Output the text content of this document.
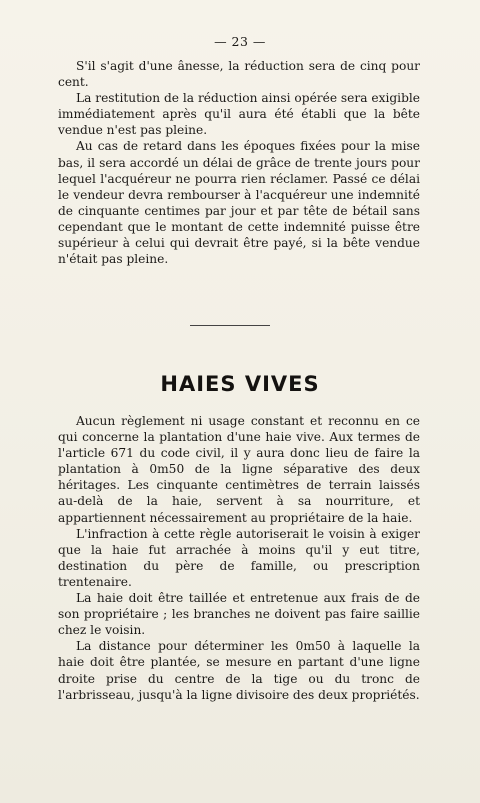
— 23 —

S'il s'agit d'une ânesse, la réduction sera de cinq pour cent.

La restitution de la réduction ainsi opérée sera exigible immédiatement après qu'il aura été établi que la bête vendue n'est pas pleine.

Au cas de retard dans les époques fixées pour la mise bas, il sera accordé un délai de grâce de trente jours pour lequel l'acquéreur ne pourra rien réclamer. Passé ce délai le vendeur devra rembourser à l'acquéreur une indemnité de cinquante centimes par jour et par tête de bétail sans cependant que le montant de cette indemnité puisse être supérieur à celui qui devrait être payé, si la bête vendue n'était pas pleine.

HAIES VIVES

Aucun règlement ni usage constant et reconnu en ce qui concerne la plantation d'une haie vive. Aux termes de l'article 671 du code civil, il y aura donc lieu de faire la plantation à 0m50 de la ligne séparative des deux héritages. Les cinquante centimètres de terrain laissés au-delà de la haie, servent à sa nourriture, et appartiennent nécessairement au propriétaire de la haie.

L'infraction à cette règle autoriserait le voisin à exiger que la haie fut arrachée à moins qu'il y eut titre, destination du père de famille, ou prescription trentenaire.

La haie doit être taillée et entretenue aux frais de de son propriétaire ; les branches ne doivent pas faire saillie chez le voisin.

La distance pour déterminer les 0m50 à laquelle la haie doit être plantée, se mesure en partant d'une ligne droite prise du centre de la tige ou du tronc de l'arbrisseau, jusqu'à la ligne divisoire des deux propriétés.
